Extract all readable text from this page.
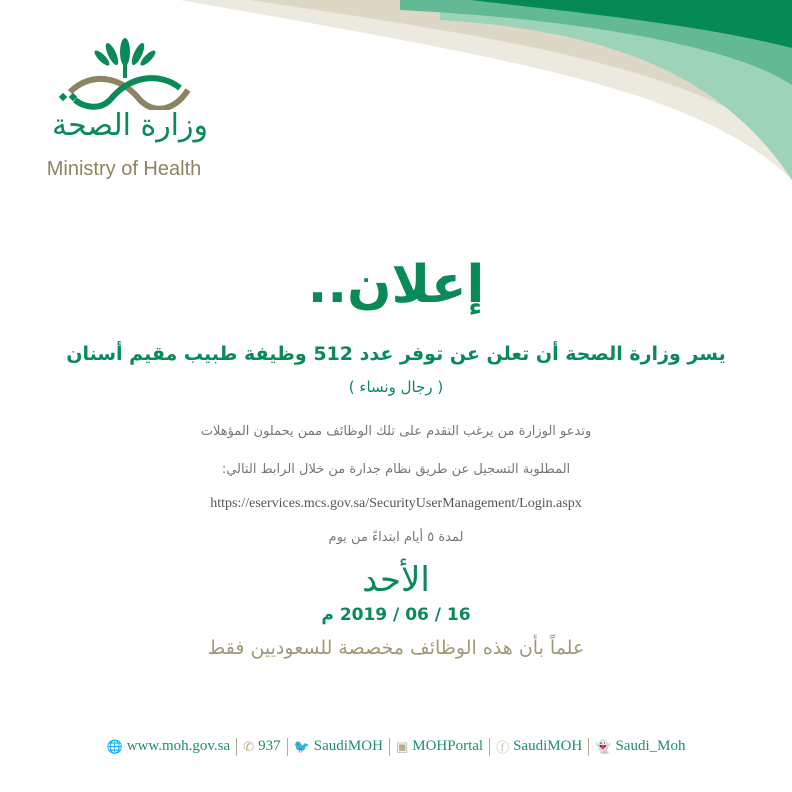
وزارة الصحة
Ministry of Health
إعلان..
يسر وزارة الصحة أن تعلن عن توفر عدد 512 وظيفة طبيب مقيم أسنان
( رجال ونساء )
وتدعو الوزارة من يرغب التقدم على تلك الوظائف ممن يحملون المؤهلات
المطلوبة التسجيل عن طريق نظام جدارة من خلال الرابط التالي:
https://eservices.mcs.gov.sa/SecurityUserManagement/Login.aspx
لمدة ٥ أيام ابتداءً من يوم
الأحد
16 / 06 / 2019 م
علماً بأن هذه الوظائف مخصصة للسعوديين فقط
🌐 www.moh.gov.sa ✆ 937 🐦 SaudiMOH ▣ MOHPortal ⓕ SaudiMOH 👻 Saudi_Moh
